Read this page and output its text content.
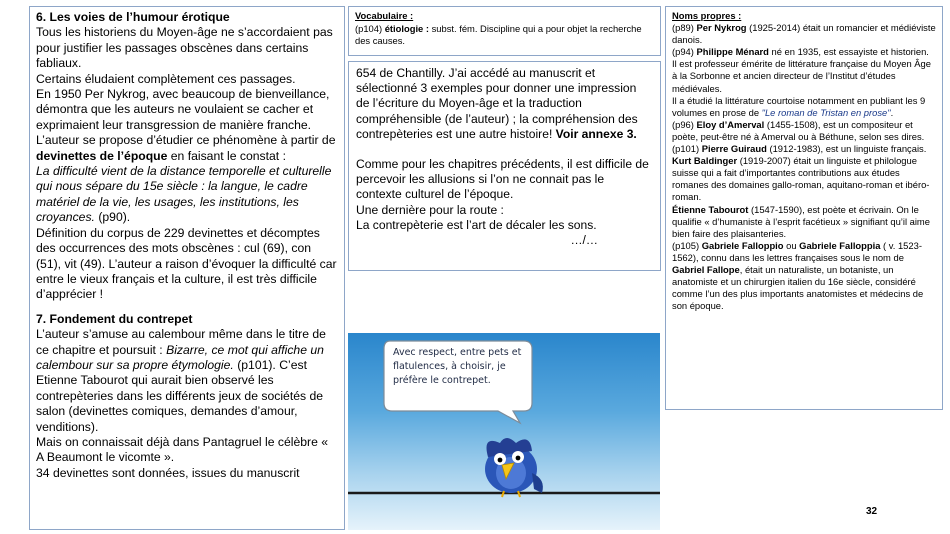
6. Les voies de l’humour érotique

Tous les historiens du Moyen-âge ne s’accordaient pas pour justifier les passages obscènes dans certains fabliaux.

Certains éludaient complètement ces passages.

En 1950 Per Nykrog, avec beaucoup de bienveillance, démontra que les auteurs ne voulaient se cacher et exprimaient leur transgression de manière franche.

L’auteur se propose d’étudier ce phénomène à partir de devinettes de l’époque en faisant le constat :

La difficulté vient de la distance temporelle et culturelle qui nous sépare du 15e siècle : la langue, le cadre matériel de la vie, les usages, les institutions, les croyances. (p90).

Définition du corpus de 229 devinettes et décomptes des occurrences des mots obscènes : cul (69), con (51), vit (49). L’auteur a raison d’évoquer la difficulté car entre le vieux français et la culture, il est très difficile d’apprécier !

7. Fondement du contrepet

L’auteur s’amuse au calembour même dans le titre de ce chapitre et poursuit : Bizarre, ce mot qui affiche un calembour sur sa propre étymologie. (p101). C’est Etienne Tabourot qui aurait bien observé les contrepèteries dans les différents jeux de sociétés de salon (devinettes comiques, demandes d’amour, venditions).

Mais on connaissait déjà dans Pantagruel le célèbre « A Beaumont le vicomte ».

34 devinettes sont données, issues du manuscrit

Vocabulaire :

(p104) étiologie : subst. fém. Discipline qui a pour objet la recherche des causes.

654 de Chantilly. J’ai accédé au manuscrit et sélectionné 3 exemples pour donner une impression de l’écriture du Moyen-âge et la traduction compréhensible (de l’auteur) ; la compréhension des contrepèteries est une autre histoire! Voir annexe 3.

Comme pour les chapitres précédents, il est difficile de percevoir les allusions si l’on ne connait pas le contexte culturel de l’époque.

Une dernière pour la route :

La contrepèterie est l’art de décaler les sons.

…/…

Avec respect, entre pets et
flatulences, à choisir, je
préfère le contrepet.

Noms propres :

(p89) Per Nykrog (1925-2014) était un romancier et médiéviste danois.

(p94) Philippe Ménard né en 1935, est essayiste et historien. Il est professeur émérite de littérature française du Moyen Âge à la Sorbonne et ancien directeur de l’Institut d’études médiévales.

Il a étudié la littérature courtoise notamment en publiant les 9 volumes en prose de "Le roman de Tristan en prose".

(p96) Eloy d’Amerval (1455-1508), est un compositeur et poète, peut-être né à Amerval ou à Béthune, selon ses dires.

(p101) Pierre Guiraud (1912-1983), est un linguiste français.

Kurt Baldinger (1919-2007) était un linguiste et philologue suisse qui a fait d’importantes contributions aux études romanes des domaines gallo-roman, aquitano-roman et ibéro-roman.

Étienne Tabourot (1547-1590), est poète et écrivain. On le qualifie « d’humaniste à l’esprit facétieux » signifiant qu’il aime bien faire des plaisanteries.

(p105) Gabriele Falloppio ou Gabriele Falloppia ( v. 1523-1562), connu dans les lettres françaises sous le nom de Gabriel Fallope, était un naturaliste, un botaniste, un anatomiste et un chirurgien italien du 16e siècle, considéré comme l’un des plus importants anatomistes et médecins de son époque.

32
